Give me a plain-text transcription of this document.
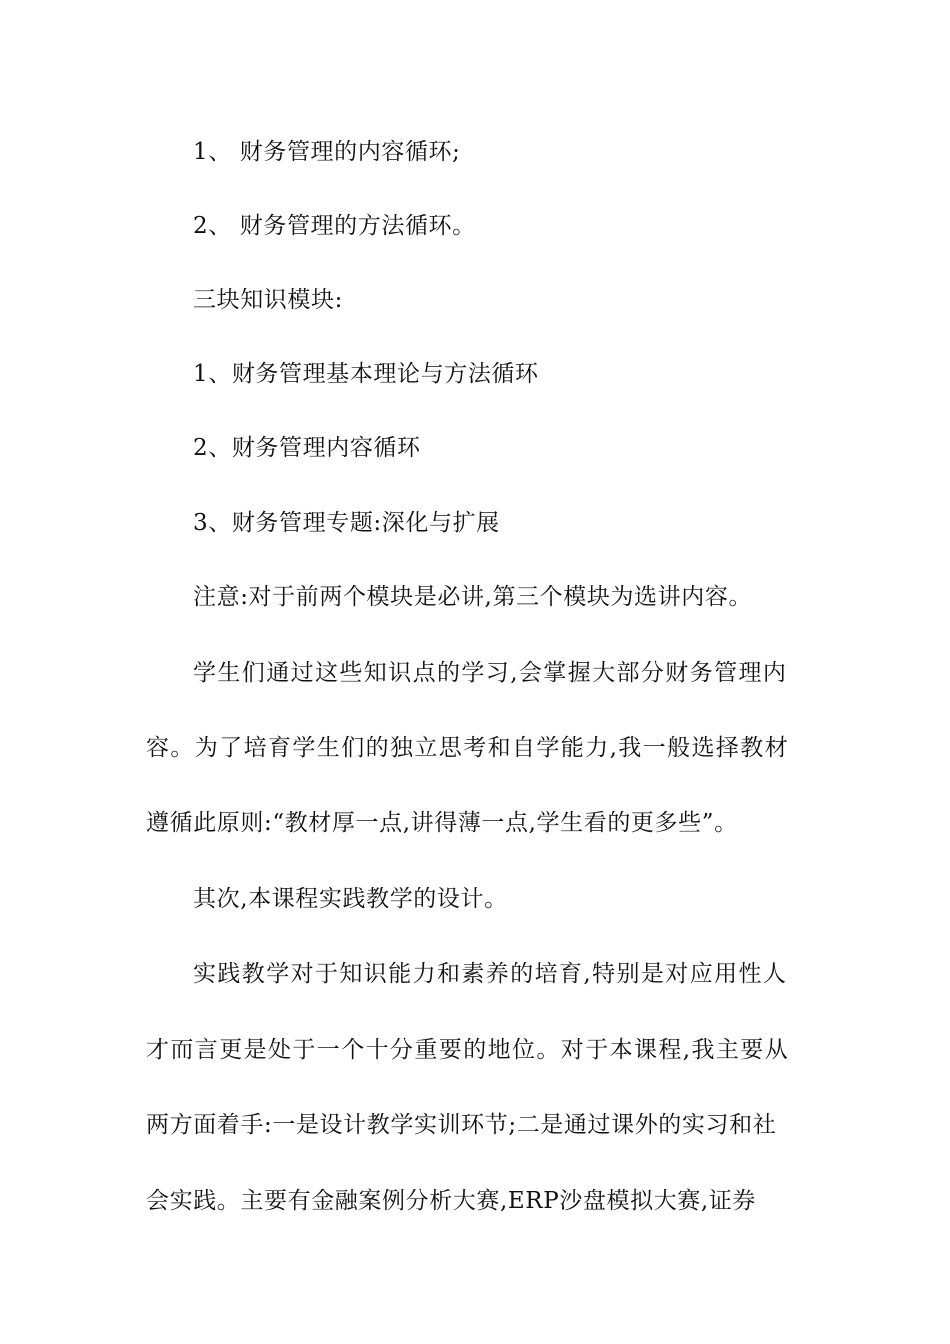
1、 财务管理的内容循环;
2、 财务管理的方法循环。
三块知识模块:
1、财务管理基本理论与方法循环
2、财务管理内容循环
3、财务管理专题:深化与扩展
注意:对于前两个模块是必讲,第三个模块为选讲内容。
学生们通过这些知识点的学习,会掌握大部分财务管理内
容。为了培育学生们的独立思考和自学能力,我一般选择教材
遵循此原则:“教材厚一点,讲得薄一点,学生看的更多些”。
其次,本课程实践教学的设计。
实践教学对于知识能力和素养的培育,特别是对应用性人
才而言更是处于一个十分重要的地位。对于本课程,我主要从
两方面着手:一是设计教学实训环节;二是通过课外的实习和社
会实践。主要有金融案例分析大赛,ERP沙盘模拟大赛,证券
